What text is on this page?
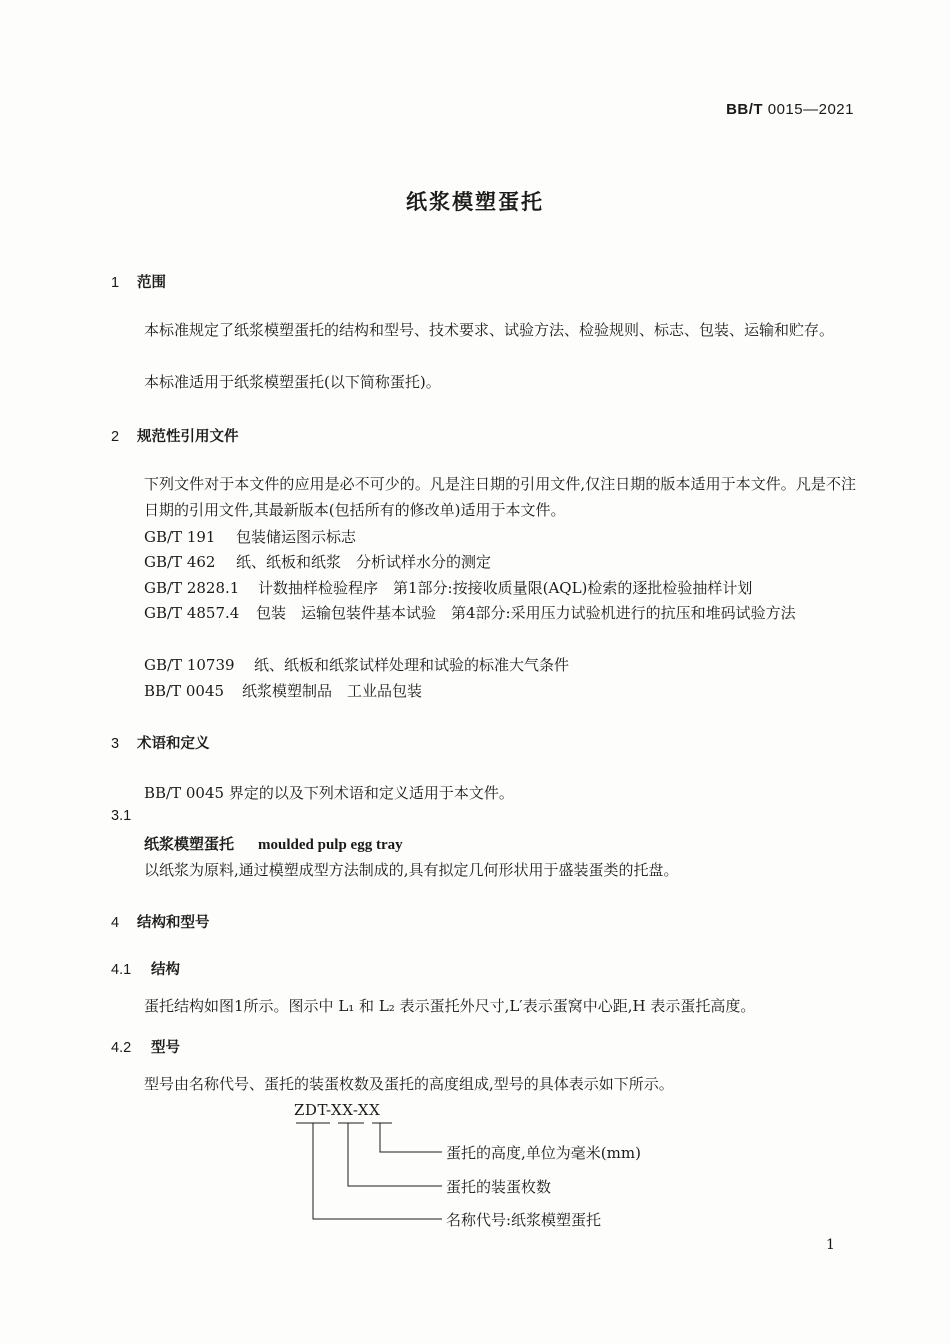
BB/T 0015—2021
纸浆模塑蛋托
1 范围
本标准规定了纸浆模塑蛋托的结构和型号、技术要求、试验方法、检验规则、标志、包装、运输和贮存。
本标准适用于纸浆模塑蛋托(以下简称蛋托)。
2 规范性引用文件
下列文件对于本文件的应用是必不可少的。凡是注日期的引用文件,仅注日期的版本适用于本文件。凡是不注日期的引用文件,其最新版本(包括所有的修改单)适用于本文件。
GB/T 191 包装储运图示标志
GB/T 462 纸、纸板和纸浆　分析试样水分的测定
GB/T 2828.1 计数抽样检验程序　第1部分:按接收质量限(AQL)检索的逐批检验抽样计划
GB/T 4857.4 包装　运输包装件基本试验　第4部分:采用压力试验机进行的抗压和堆码试验方法
GB/T 10739 纸、纸板和纸浆试样处理和试验的标准大气条件
BB/T 0045 纸浆模塑制品　工业品包装
3 术语和定义
BB/T 0045 界定的以及下列术语和定义适用于本文件。
3.1
纸浆模塑蛋托 moulded pulp egg tray
以纸浆为原料,通过模塑成型方法制成的,具有拟定几何形状用于盛装蛋类的托盘。
4 结构和型号
4.1 结构
蛋托结构如图1所示。图示中 L₁ 和 L₂ 表示蛋托外尺寸,L′表示蛋窝中心距,H 表示蛋托高度。
4.2 型号
型号由名称代号、蛋托的装蛋枚数及蛋托的高度组成,型号的具体表示如下所示。
ZDT-XX-XX
蛋托的高度,单位为毫米(mm)
蛋托的装蛋枚数
名称代号:纸浆模塑蛋托
1
